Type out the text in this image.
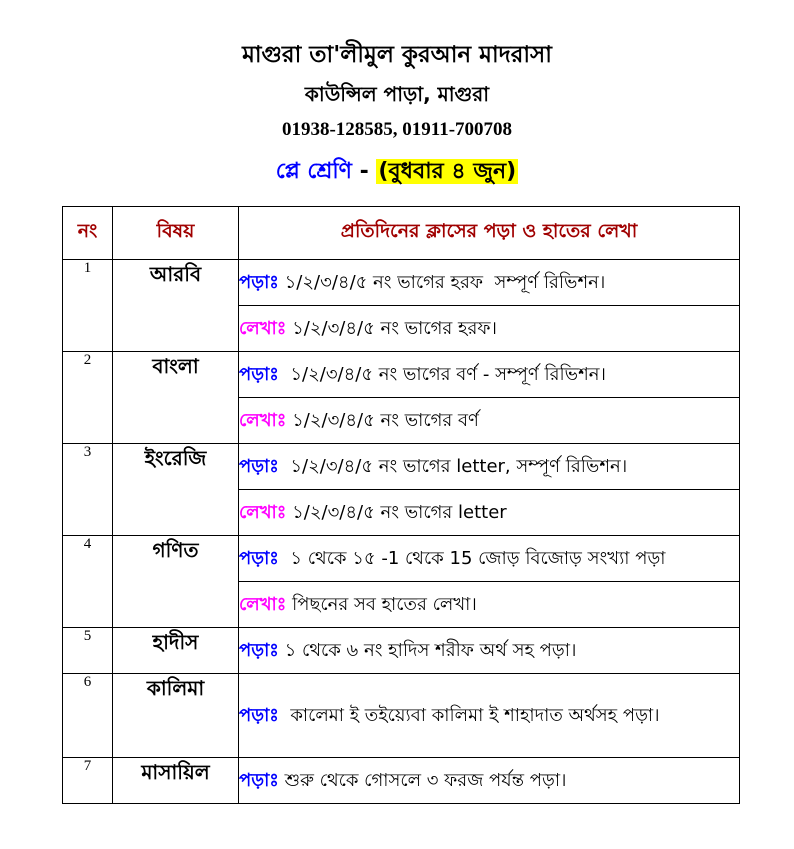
মাগুরা তা'লীমুল কুরআন মাদরাসা
কাউন্সিল পাড়া, মাগুরা
01938-128585, 01911-700708
প্লে শ্রেণি - (বুধবার ৪ জুন)
নং	বিষয়	প্রতিদিনের ক্লাসের পড়া ও হাতের লেখা
1	আরবি	পড়াঃ ১/২/৩/৪/৫ নং ভাগের হরফ  সম্পূর্ণ রিভিশন।
		লেখাঃ ১/২/৩/৪/৫ নং ভাগের হরফ।
2	বাংলা	পড়াঃ  ১/২/৩/৪/৫ নং ভাগের বর্ণ - সম্পূর্ণ রিভিশন।
		লেখাঃ ১/২/৩/৪/৫ নং ভাগের বর্ণ
3	ইংরেজি	পড়াঃ  ১/২/৩/৪/৫ নং ভাগের letter, সম্পূর্ণ রিভিশন।
		লেখাঃ ১/২/৩/৪/৫ নং ভাগের letter
4	গণিত	পড়াঃ  ১ থেকে ১৫ -1 থেকে 15 জোড় বিজোড় সংখ্যা পড়া
		লেখাঃ পিছনের সব হাতের লেখা।
5	হাদীস	পড়াঃ ১ থেকে ৬ নং হাদিস শরীফ অর্থ সহ পড়া।
6	কালিমা	পড়াঃ  কালেমা ই তইয়্যেবা কালিমা ই শাহাদাত অর্থসহ পড়া।
7	মাসায়িল	পড়াঃ শুরু থেকে গোসলে ৩ ফরজ পর্যন্ত পড়া।
